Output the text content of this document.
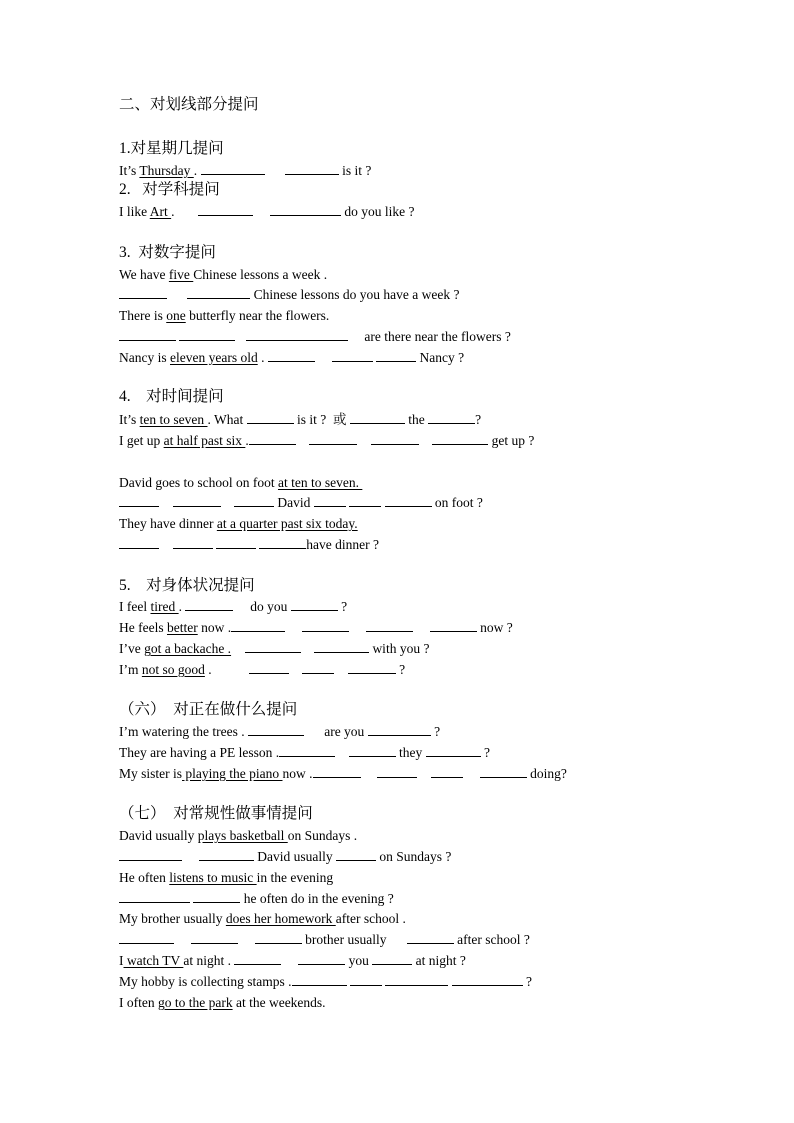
二、对划线部分提问
1.对星期几提问
It’s Thursday .	is it ?
2.   对学科提问
I like Art .	do you like ?
3.  对数字提问
We have five Chinese lessons a week .
Chinese lessons do you have a week ?
There is one butterfly near the flowers.
are there near the flowers ?
Nancy is eleven years old .	Nancy ?
4.    对时间提问
It’s ten to seven . What	is it ?  或	the	?
I get up at half past six .	get up ?
David goes to school on foot at ten to seven.
David	on foot ?
They have dinner at a quarter past six today.
have dinner ?
5.    对身体状况提问
I feel tired .	do you	?
He feels better now .	now ?
I’ve got a backache .	with you ?
I’m not so good .	?
（六）  对正在做什么提问
I’m watering the trees .	are you	?
They are having a PE lesson .	they	?
My sister is playing the piano now .	doing?
（七）  对常规性做事情提问
David usually plays basketball on Sundays .
David usually	on Sundays ?
He often listens to music in the evening
he often do in the evening ?
My brother usually does her homework after school .
brother usually	after school ?
I watch TV at night .	you	at night ?
My hobby is collecting stamps .	?
I often go to the park at the weekends.
